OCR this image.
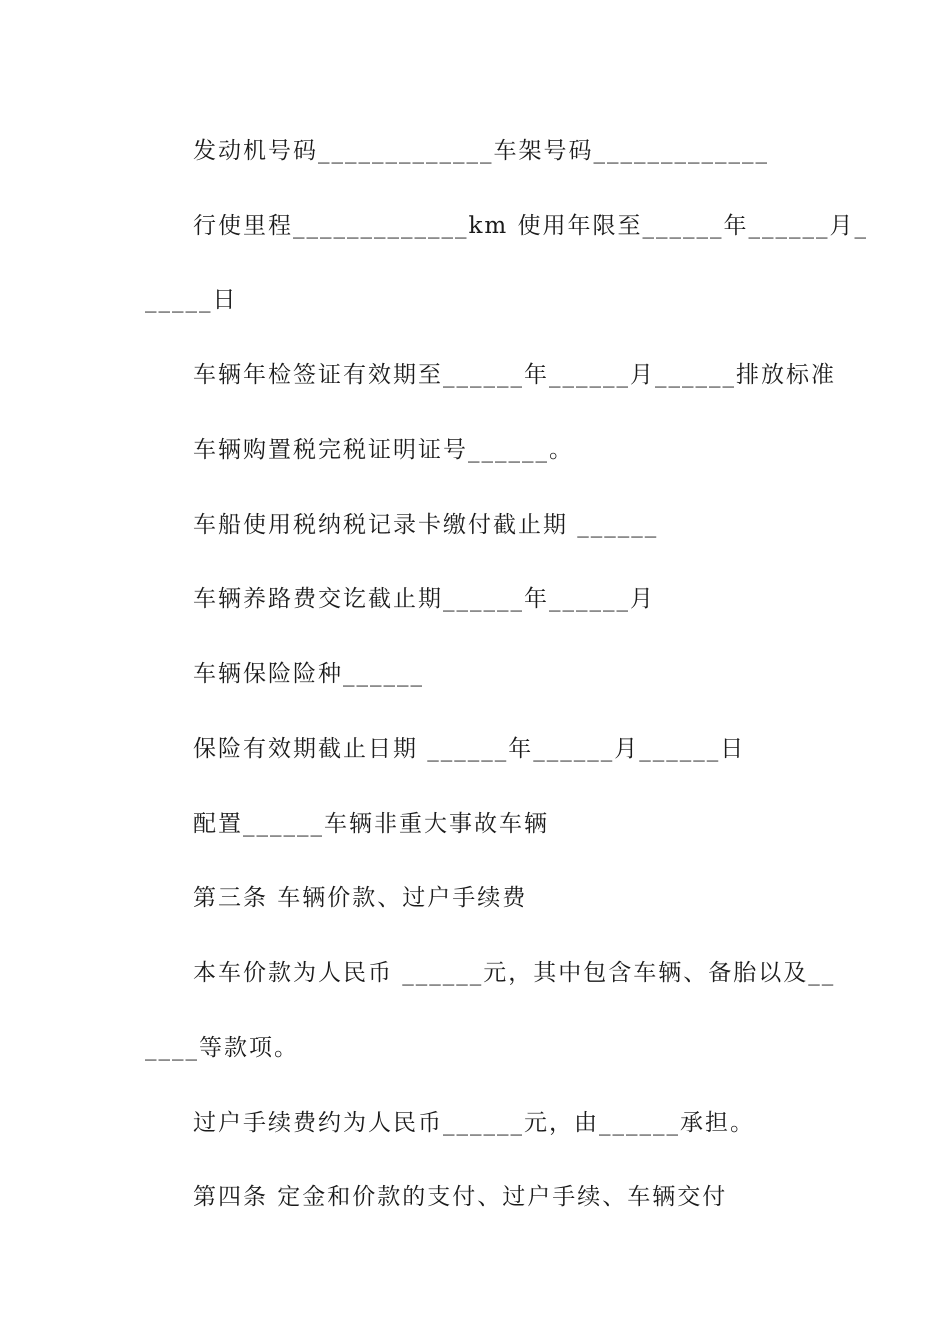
发动机号码_____________车架号码_____________
行使里程_____________km 使用年限至______年______月_
_____日
车辆年检签证有效期至______年______月______排放标准
车辆购置税完税证明证号______。
车船使用税纳税记录卡缴付截止期 ______
车辆养路费交讫截止期______年______月
车辆保险险种______
保险有效期截止日期 ______年______月______日
配置______车辆非重大事故车辆
第三条 车辆价款、过户手续费
本车价款为人民币 ______元，其中包含车辆、备胎以及__
____等款项。
过户手续费约为人民币______元，由______承担。
第四条 定金和价款的支付、过户手续、车辆交付
